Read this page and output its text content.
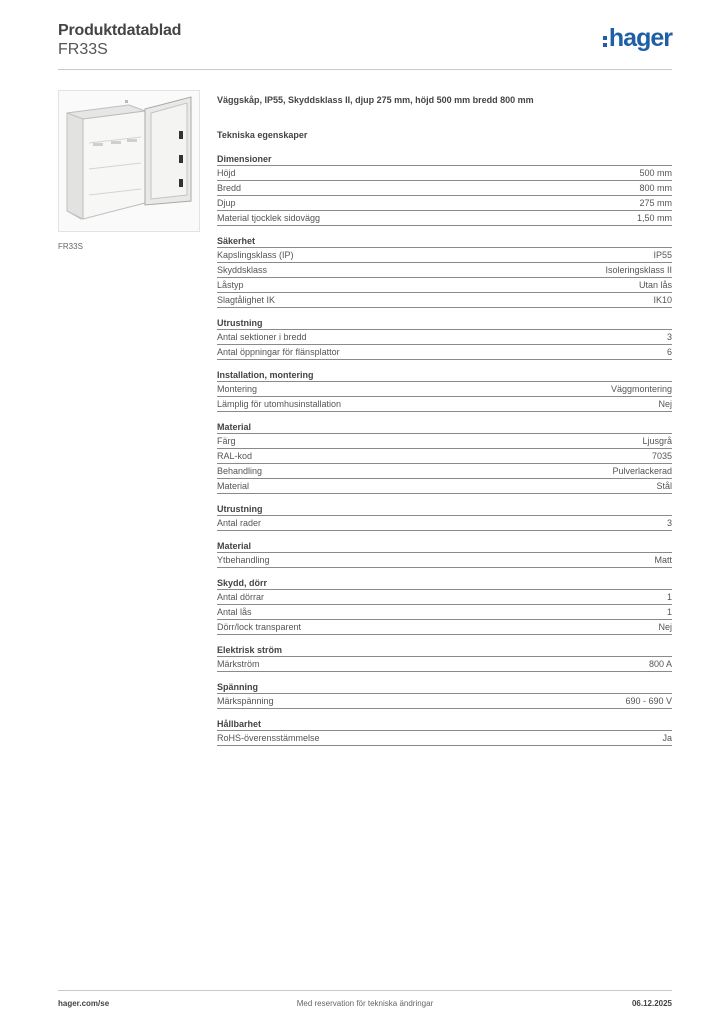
Produktdatablad
FR33S	hager
FR33S
Väggskåp, IP55, Skyddsklass II, djup 275 mm, höjd 500 mm bredd 800 mm
Tekniska egenskaper
Dimensioner
Höjd	500 mm
Bredd	800 mm
Djup	275 mm
Material tjocklek sidovägg	1,50 mm
Säkerhet
Kapslingsklass (IP)	IP55
Skyddsklass	Isoleringsklass II
Låstyp	Utan lås
Slagtålighet IK	IK10
Utrustning
Antal sektioner i bredd	3
Antal öppningar för flänsplattor	6
Installation, montering
Montering	Väggmontering
Lämplig för utomhusinstallation	Nej
Material
Färg	Ljusgrå
RAL-kod	7035
Behandling	Pulverlackerad
Material	Stål
Utrustning
Antal rader	3
Material
Ytbehandling	Matt
Skydd, dörr
Antal dörrar	1
Antal lås	1
Dörr/lock transparent	Nej
Elektrisk ström
Märkström	800 A
Spänning
Märkspänning	690 - 690 V
Hållbarhet
RoHS-överensstämmelse	Ja
hager.com/se	Med reservation för tekniska ändringar	06.12.2025
